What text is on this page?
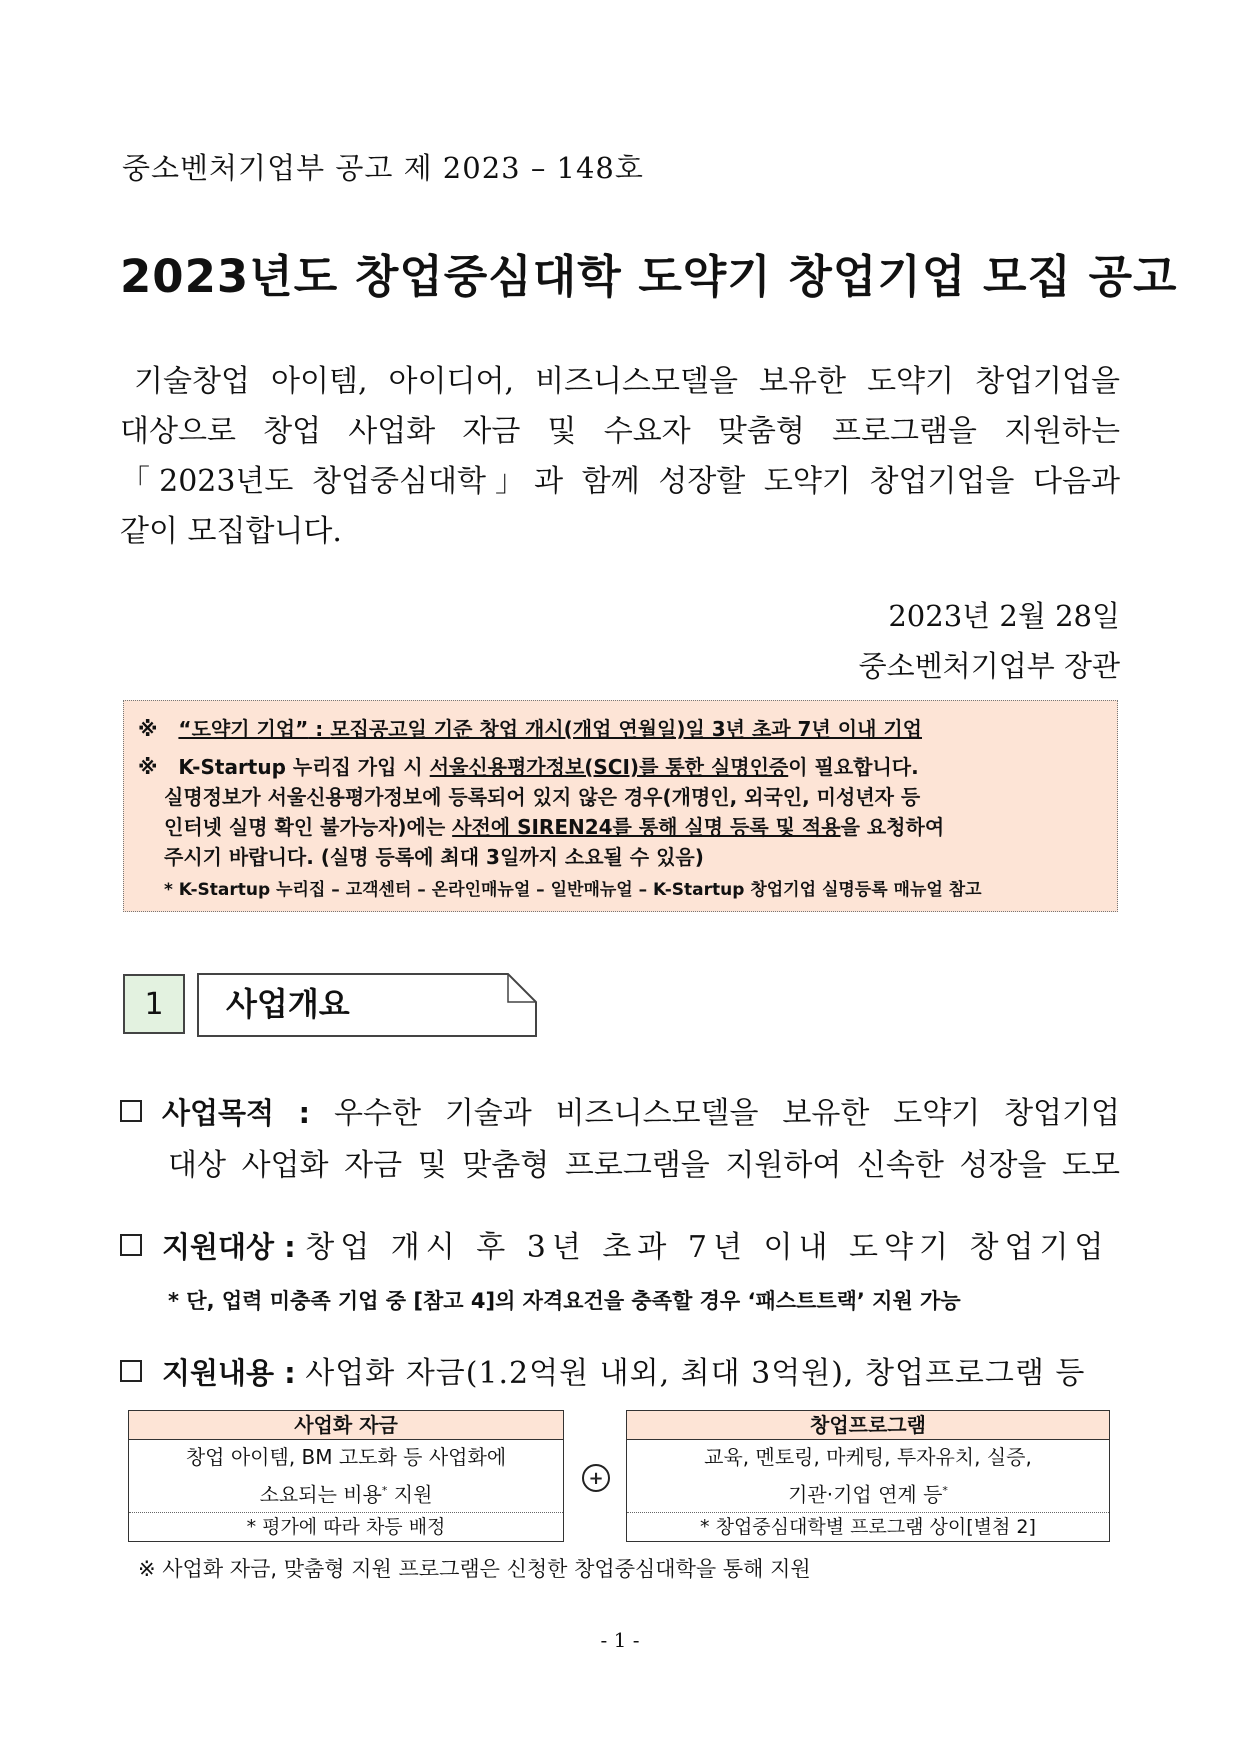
중소벤처기업부 공고 제 2023 – 148호
2023년도 창업중심대학 도약기 창업기업 모집 공고
기술창업 아이템, 아이디어, 비즈니스모델을 보유한 도약기 창업기업을
대상으로 창업 사업화 자금 및 수요자 맞춤형 프로그램을 지원하는
「2023년도 창업중심대학」과 함께 성장할 도약기 창업기업을 다음과
같이 모집합니다.
2023년 2월 28일
중소벤처기업부 장관
※ “도약기 기업” : 모집공고일 기준 창업 개시(개업 연월일)일 3년 초과 7년 이내 기업
※ K-Startup 누리집 가입 시 서울신용평가정보(SCI)를 통한 실명인증이 필요합니다.
실명정보가 서울신용평가정보에 등록되어 있지 않은 경우(개명인, 외국인, 미성년자 등
인터넷 실명 확인 불가능자)에는 사전에 SIREN24를 통해 실명 등록 및 적용을 요청하여
주시기 바랍니다. (실명 등록에 최대 3일까지 소요될 수 있음)
* K-Startup 누리집 – 고객센터 – 온라인매뉴얼 – 일반매뉴얼 – K-Startup 창업기업 실명등록 매뉴얼 참고
1	사업개요
사업목적 : 우수한 기술과 비즈니스모델을 보유한 도약기 창업기업
대상 사업화 자금 및 맞춤형 프로그램을 지원하여 신속한 성장을 도모
지원대상 : 창업 개시 후 3년 초과 7년 이내 도약기 창업기업
* 단, 업력 미충족 기업 중 [참고 4]의 자격요건을 충족할 경우 ‘패스트트랙’ 지원 가능
지원내용 : 사업화 자금(1.2억원 내외, 최대 3억원), 창업프로그램 등
사업화 자금
창업 아이템, BM 고도화 등 사업화에
소요되는 비용* 지원
* 평가에 따라 차등 배정
+
창업프로그램
교육, 멘토링, 마케팅, 투자유치, 실증,
기관·기업 연계 등*
* 창업중심대학별 프로그램 상이[별첨 2]
※ 사업화 자금, 맞춤형 지원 프로그램은 신청한 창업중심대학을 통해 지원
- 1 -
